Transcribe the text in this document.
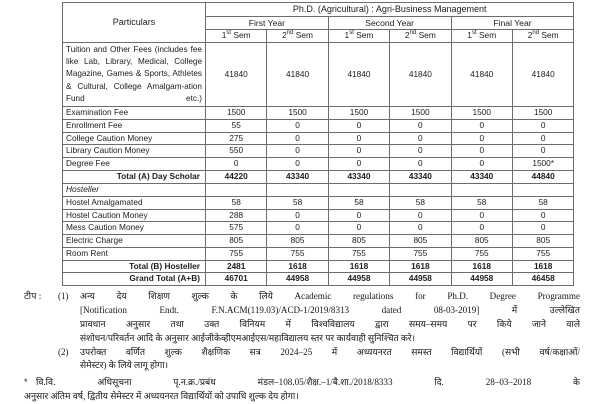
Particulars	Ph.D. (Agricultural) : Agri-Business Management					
	First Year		Second Year		Final Year	
	1st Sem	2nd Sem	1st Sem	2nd Sem	1st Sem	2nd Sem
Tuition and Other Fees (includes fee like Lab, Library, Medical, College Magazine, Games & Sports, Athletes & Cultural, College Amalgam-ation Fund etc.)	41840	41840	41840	41840	41840	41840
Examination Fee	1500	1500	1500	1500	1500	1500
Enrollment Fee	55	0	0	0	0	0
College Caution Money	275	0	0	0	0	0
Library Caution Money	550	0	0	0	0	0
Degree Fee	0	0	0	0	0	1500*
Total (A) Day Scholar	44220	43340	43340	43340	43340	44840
Hosteller						
Hostel Amalgamated	58	58	58	58	58	58
Hostel Caution Money	288	0	0	0	0	0
Mess Caution Money	575	0	0	0	0	0
Electric Charge	805	805	805	805	805	805
Room Rent	755	755	755	755	755	755
Total (B) Hosteller	2481	1618	1618	1618	1618	1618
Grand Total (A+B)	46701	44958	44958	44958	44958	46458
टीप :	(1)	अन्य देय शिक्षण शुल्क के लिये Academic regulations for Ph.D. Degree Programme
[Notification Endt. F.N.ACM(119.03)/ACD-1/2019/8313 dated 08-03-2019] में उल्लेखित
प्रावधान अनुसार तथा उक्त विनियम में विश्वविद्यालय द्वारा समय–समय पर किये जाने वाले
संशोधन/परिवर्तन आदि के अनुसार आईजीकेव्हीएमआईएस/महाविद्यालय स्तर पर कार्यवाही सुनिश्चित करे।
(2)	उपरोक्त वर्णित शुल्क शैक्षणिक सत्र 2024–25 में अध्ययनरत समस्त विद्यार्थियों (सभी वर्ष/कक्षाओं/
सेमेस्टर) के लिये लागू होगा।
* वि.वि. अधिसूचना पृ.न.क्र./प्रबंध मंडल–108.05/शैक्ष.–1/बै.शा./2018/8333 दि. 28–03–2018 के
अनुसार अंतिम वर्ष, द्वितीय सेमेस्टर में अध्ययनरत विद्यार्थियों को उपाधि शुल्क देय होगा।
